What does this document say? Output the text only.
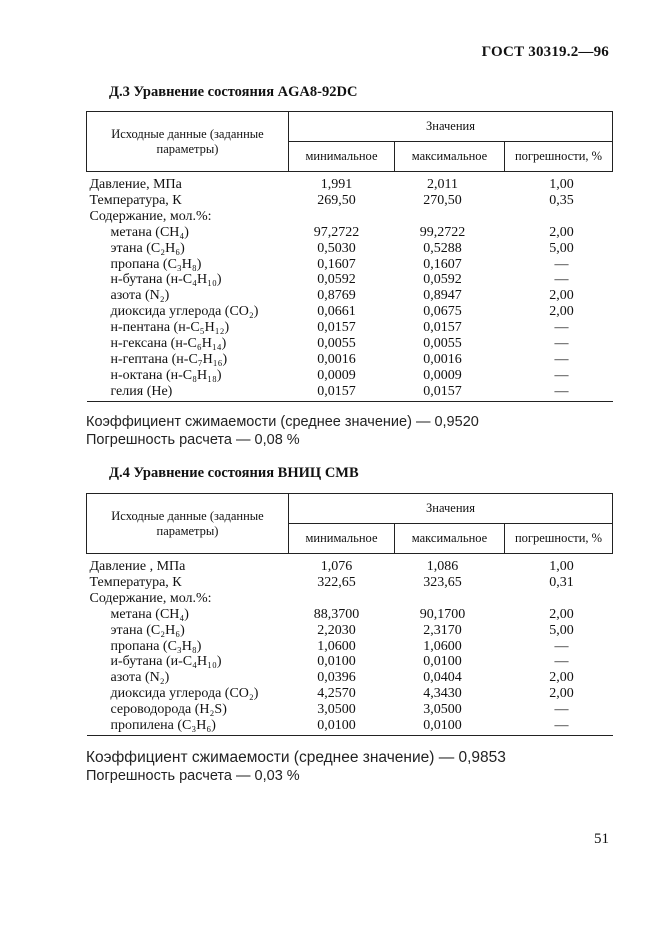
ГОСТ 30319.2—96
Д.3 Уравнение состояния AGA8-92DC
Исходные данные (заданные параметры)	Значения		
	минимальное	максимальное	погрешности, %
Давление, МПа	1,991	2,011	1,00
Температура, К	269,50	270,50	0,35
Содержание, мол.%:			
метана (CH₄)	97,2722	99,2722	2,00
этана (C₂H₆)	0,5030	0,5288	5,00
пропана (C₃H₈)	0,1607	0,1607	—
н-бутана (н-C₄H₁₀)	0,0592	0,0592	—
азота (N₂)	0,8769	0,8947	2,00
диоксида углерода (CO₂)	0,0661	0,0675	2,00
н-пентана (н-C₅H₁₂)	0,0157	0,0157	—
н-гексана (н-C₆H₁₄)	0,0055	0,0055	—
н-гептана (н-C₇H₁₆)	0,0016	0,0016	—
н-октана (н-C₈H₁₈)	0,0009	0,0009	—
гелия (He)	0,0157	0,0157	—
Коэффициент сжимаемости (среднее значение) — 0,9520
Погрешность расчета — 0,08 %
Д.4 Уравнение состояния ВНИЦ СМВ
Исходные данные (заданные параметры)	Значения		
	минимальное	максимальное	погрешности, %
Давление , МПа	1,076	1,086	1,00
Температура, К	322,65	323,65	0,31
Содержание, мол.%:			
метана (CH₄)	88,3700	90,1700	2,00
этана (C₂H₆)	2,2030	2,3170	5,00
пропана (C₃H₈)	1,0600	1,0600	—
и-бутана (и-C₄H₁₀)	0,0100	0,0100	—
азота (N₂)	0,0396	0,0404	2,00
диоксида углерода (CO₂)	4,2570	4,3430	2,00
сероводорода (H₂S)	3,0500	3,0500	—
пропилена (C₃H₆)	0,0100	0,0100	—
Коэффициент сжимаемости (среднее значение) — 0,9853
Погрешность расчета — 0,03 %
51
